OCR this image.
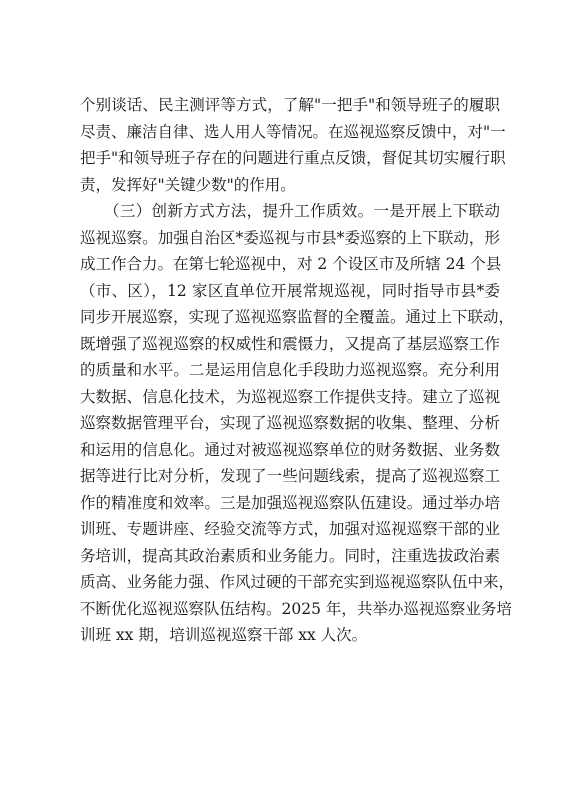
个别谈话、民主测评等方式，了解"一把手"和领导班子的履职
尽责、廉洁自律、选人用人等情况。在巡视巡察反馈中，对"一
把手"和领导班子存在的问题进行重点反馈，督促其切实履行职
责，发挥好"关键少数"的作用。
　　（三）创新方式方法，提升工作质效。一是开展上下联动
巡视巡察。加强自治区*委巡视与市县*委巡察的上下联动，形
成工作合力。在第七轮巡视中，对 2 个设区市及所辖 24 个县
（市、区），12 家区直单位开展常规巡视，同时指导市县*委
同步开展巡察，实现了巡视巡察监督的全覆盖。通过上下联动，
既增强了巡视巡察的权威性和震慑力，又提高了基层巡察工作
的质量和水平。二是运用信息化手段助力巡视巡察。充分利用
大数据、信息化技术，为巡视巡察工作提供支持。建立了巡视
巡察数据管理平台，实现了巡视巡察数据的收集、整理、分析
和运用的信息化。通过对被巡视巡察单位的财务数据、业务数
据等进行比对分析，发现了一些问题线索，提高了巡视巡察工
作的精准度和效率。三是加强巡视巡察队伍建设。通过举办培
训班、专题讲座、经验交流等方式，加强对巡视巡察干部的业
务培训，提高其政治素质和业务能力。同时，注重选拔政治素
质高、业务能力强、作风过硬的干部充实到巡视巡察队伍中来，
不断优化巡视巡察队伍结构。2025 年，共举办巡视巡察业务培
训班 xx 期，培训巡视巡察干部 xx 人次。
